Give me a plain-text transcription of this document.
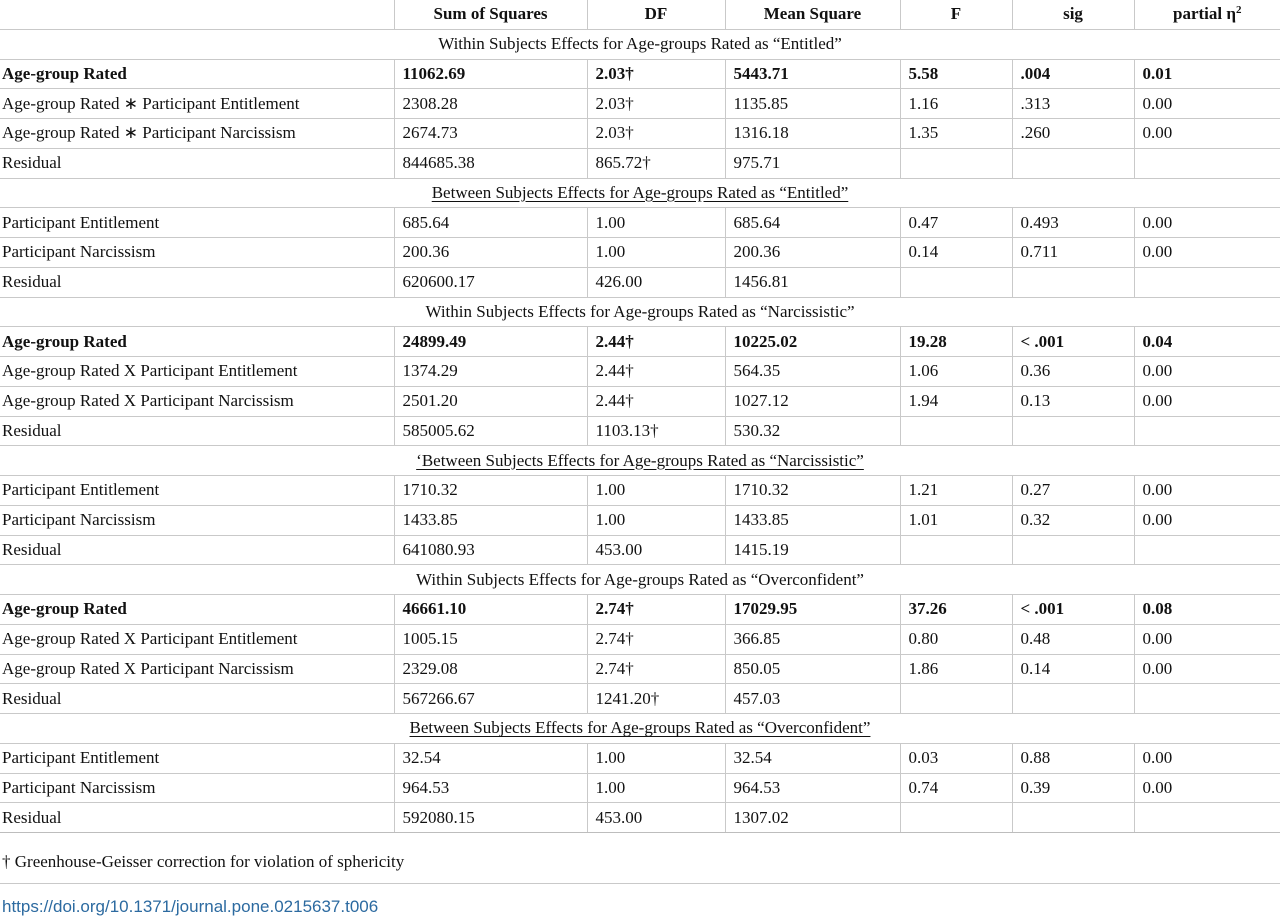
	Sum of Squares	DF	Mean Square	F	sig	partial $\eta^2$
Within Subjects Effects for Age-groups Rated as “Entitled”						
Age-group Rated	11062.69	2.03†	5443.71	5.58	.004	0.01
Age-group Rated ∗ Participant Entitlement	2308.28	2.03†	1135.85	1.16	.313	0.00
Age-group Rated ∗ Participant Narcissism	2674.73	2.03†	1316.18	1.35	.260	0.00
Residual	844685.38	865.72†	975.71			
Between Subjects Effects for Age-groups Rated as “Entitled”						
Participant Entitlement	685.64	1.00	685.64	0.47	0.493	0.00
Participant Narcissism	200.36	1.00	200.36	0.14	0.711	0.00
Residual	620600.17	426.00	1456.81			
Within Subjects Effects for Age-groups Rated as “Narcissistic”						
Age-group Rated	24899.49	2.44†	10225.02	19.28	< .001	0.04
Age-group Rated X Participant Entitlement	1374.29	2.44†	564.35	1.06	0.36	0.00
Age-group Rated X Participant Narcissism	2501.20	2.44†	1027.12	1.94	0.13	0.00
Residual	585005.62	1103.13†	530.32			
‘Between Subjects Effects for Age-groups Rated as “Narcissistic”						
Participant Entitlement	1710.32	1.00	1710.32	1.21	0.27	0.00
Participant Narcissism	1433.85	1.00	1433.85	1.01	0.32	0.00
Residual	641080.93	453.00	1415.19			
Within Subjects Effects for Age-groups Rated as “Overconfident”						
Age-group Rated	46661.10	2.74†	17029.95	37.26	< .001	0.08
Age-group Rated X Participant Entitlement	1005.15	2.74†	366.85	0.80	0.48	0.00
Age-group Rated X Participant Narcissism	2329.08	2.74†	850.05	1.86	0.14	0.00
Residual	567266.67	1241.20†	457.03			
Between Subjects Effects for Age-groups Rated as “Overconfident”						
Participant Entitlement	32.54	1.00	32.54	0.03	0.88	0.00
Participant Narcissism	964.53	1.00	964.53	0.74	0.39	0.00
Residual	592080.15	453.00	1307.02			

† Greenhouse-Geisser correction for violation of sphericity

https://doi.org/10.1371/journal.pone.0215637.t006
